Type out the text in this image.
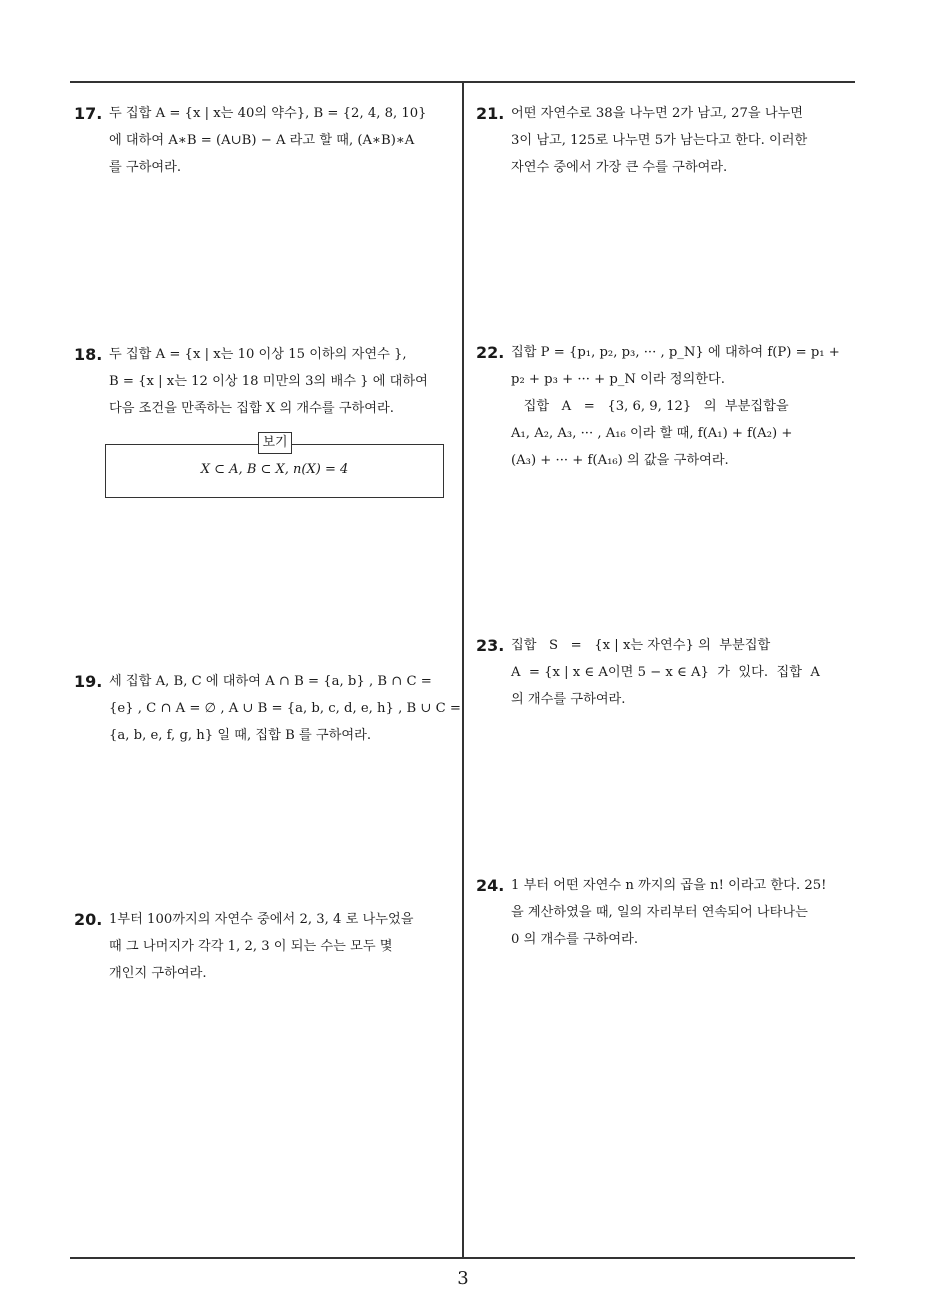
17. 두 집합 A = {x | x는 40의 약수}, B = {2, 4, 8, 10}
에 대하여 A∗B = (A∪B) − A 라고 할 때, (A∗B)∗A
를 구하여라.
18. 두 집합 A = {x | x는 10 이상 15 이하의 자연수 },
B = {x | x는 12 이상 18 미만의 3의 배수 } 에 대하여
다음 조건을 만족하는 집합 X 의 개수를 구하여라.
보기
X ⊂ A, B ⊂ X, n(X) = 4
19. 세 집합 A, B, C 에 대하여 A ∩ B = {a, b} , B ∩ C =
{e} , C ∩ A = ∅ , A ∪ B = {a, b, c, d, e, h} , B ∪ C =
{a, b, e, f, g, h} 일 때, 집합 B 를 구하여라.
20. 1부터 100까지의 자연수 중에서 2, 3, 4 로 나누었을
때 그 나머지가 각각 1, 2, 3 이 되는 수는 모두 몇
개인지 구하여라.
21. 어떤 자연수로 38을 나누면 2가 남고, 27을 나누면
3이 남고, 125로 나누면 5가 남는다고 한다. 이러한
자연수 중에서 가장 큰 수를 구하여라.
22. 집합 P = {p₁, p₂, p₃, ··· , p_N} 에 대하여 f(P) = p₁ +
p₂ + p₃ + ··· + p_N 이라 정의한다.
집합   A   =   {3, 6, 9, 12}   의  부분집합을
A₁, A₂, A₃, ··· , A₁₆ 이라 할 때, f(A₁) + f(A₂) +
(A₃) + ··· + f(A₁₆) 의 값을 구하여라.
23. 집합   S   =   {x | x는 자연수} 의  부분집합
A  = {x | x ∈ A이면 5 − x ∈ A}  가  있다.  집합  A
의 개수를 구하여라.
24. 1 부터 어떤 자연수 n 까지의 곱을 n! 이라고 한다. 25!
을 계산하였을 때, 일의 자리부터 연속되어 나타나는
0 의 개수를 구하여라.
3
